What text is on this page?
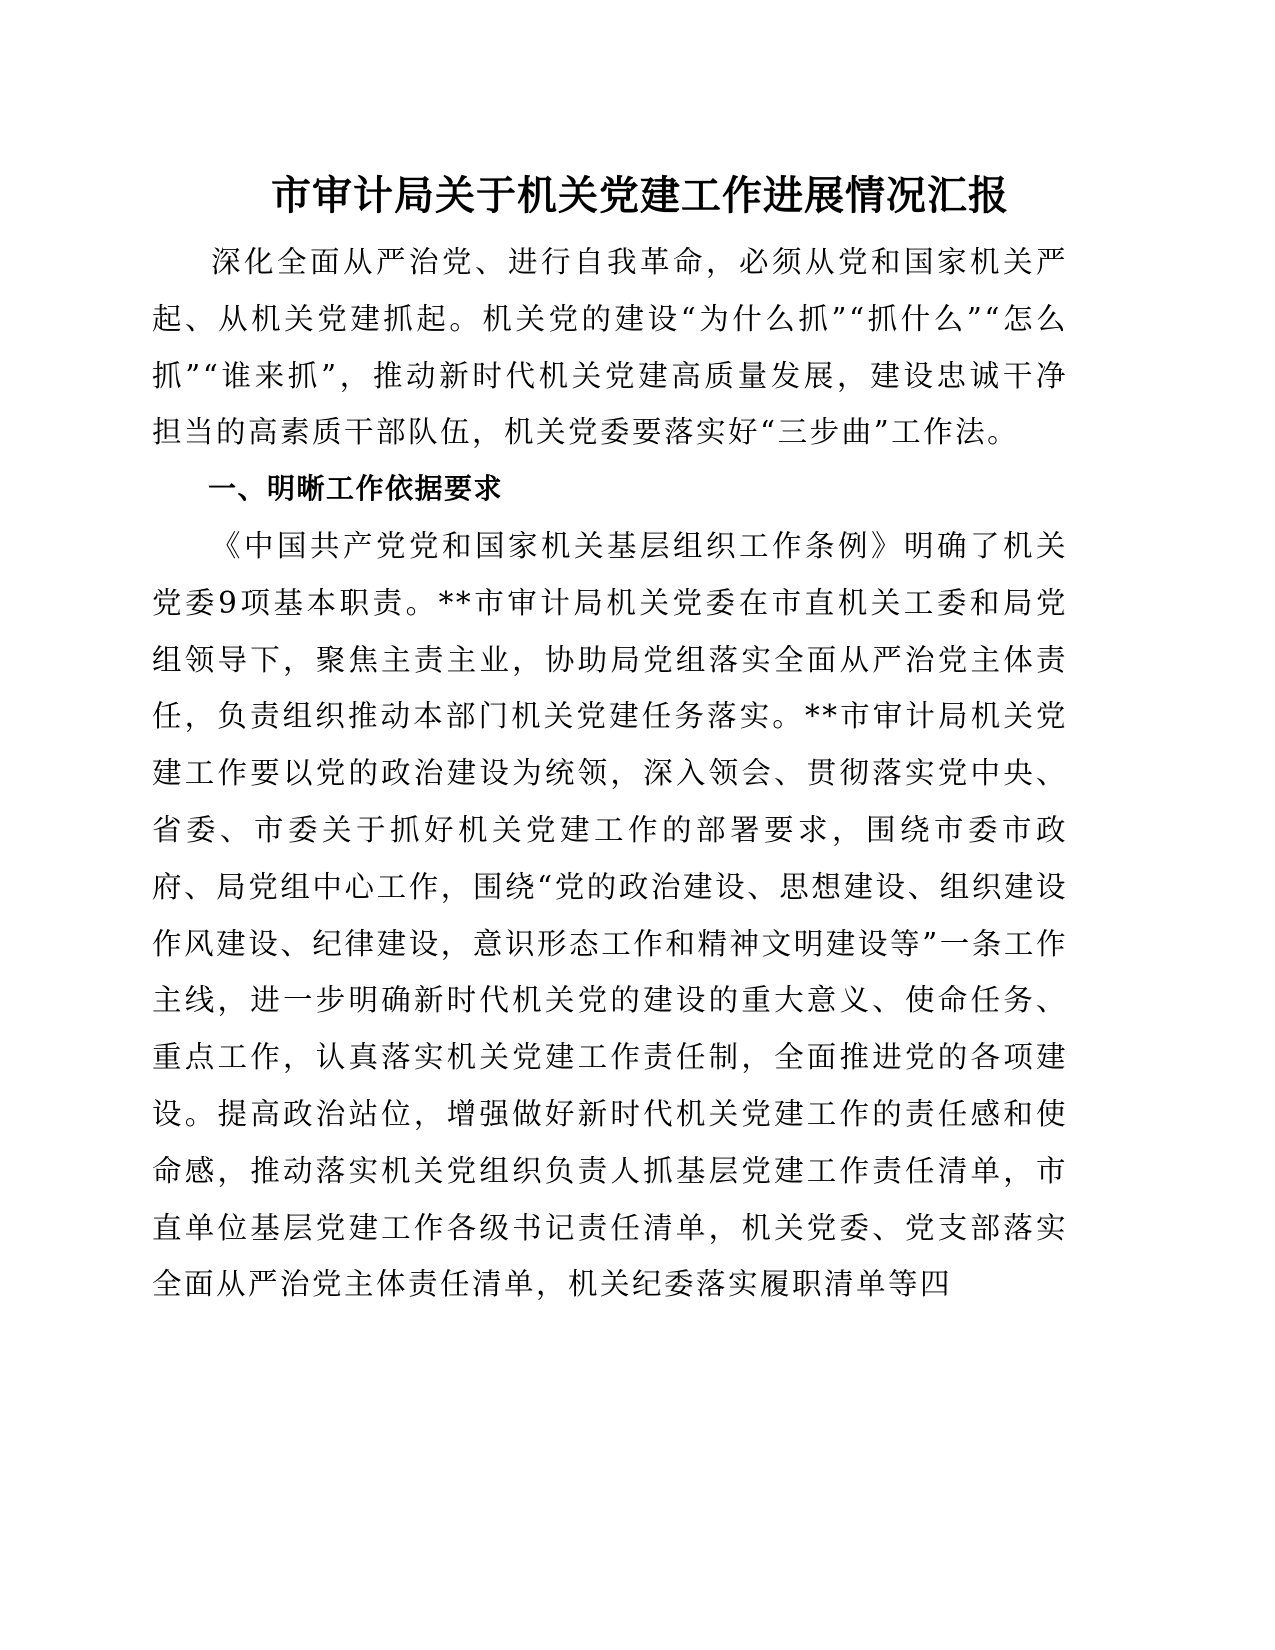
市审计局关于机关党建工作进展情况汇报

深化全面从严治党、进行自我革命，必须从党和国家机关严起、从机关党建抓起。机关党的建设“为什么抓”“抓什么”“怎么抓”“谁来抓”，推动新时代机关党建高质量发展，建设忠诚干净担当的高素质干部队伍，机关党委要落实好“三步曲”工作法。

一、明晰工作依据要求

《中国共产党党和国家机关基层组织工作条例》明确了机关党委9项基本职责。**市审计局机关党委在市直机关工委和局党组领导下，聚焦主责主业，协助局党组落实全面从严治党主体责任，负责组织推动本部门机关党建任务落实。**市审计局机关党建工作要以党的政治建设为统领，深入领会、贯彻落实党中央、省委、市委关于抓好机关党建工作的部署要求，围绕市委市政府、局党组中心工作，围绕“党的政治建设、思想建设、组织建设作风建设、纪律建设，意识形态工作和精神文明建设等”一条工作主线，进一步明确新时代机关党的建设的重大意义、使命任务、重点工作，认真落实机关党建工作责任制，全面推进党的各项建设。提高政治站位，增强做好新时代机关党建工作的责任感和使命感，推动落实机关党组织负责人抓基层党建工作责任清单，市直单位基层党建工作各级书记责任清单，机关党委、党支部落实全面从严治党主体责任清单，机关纪委落实履职清单等四
